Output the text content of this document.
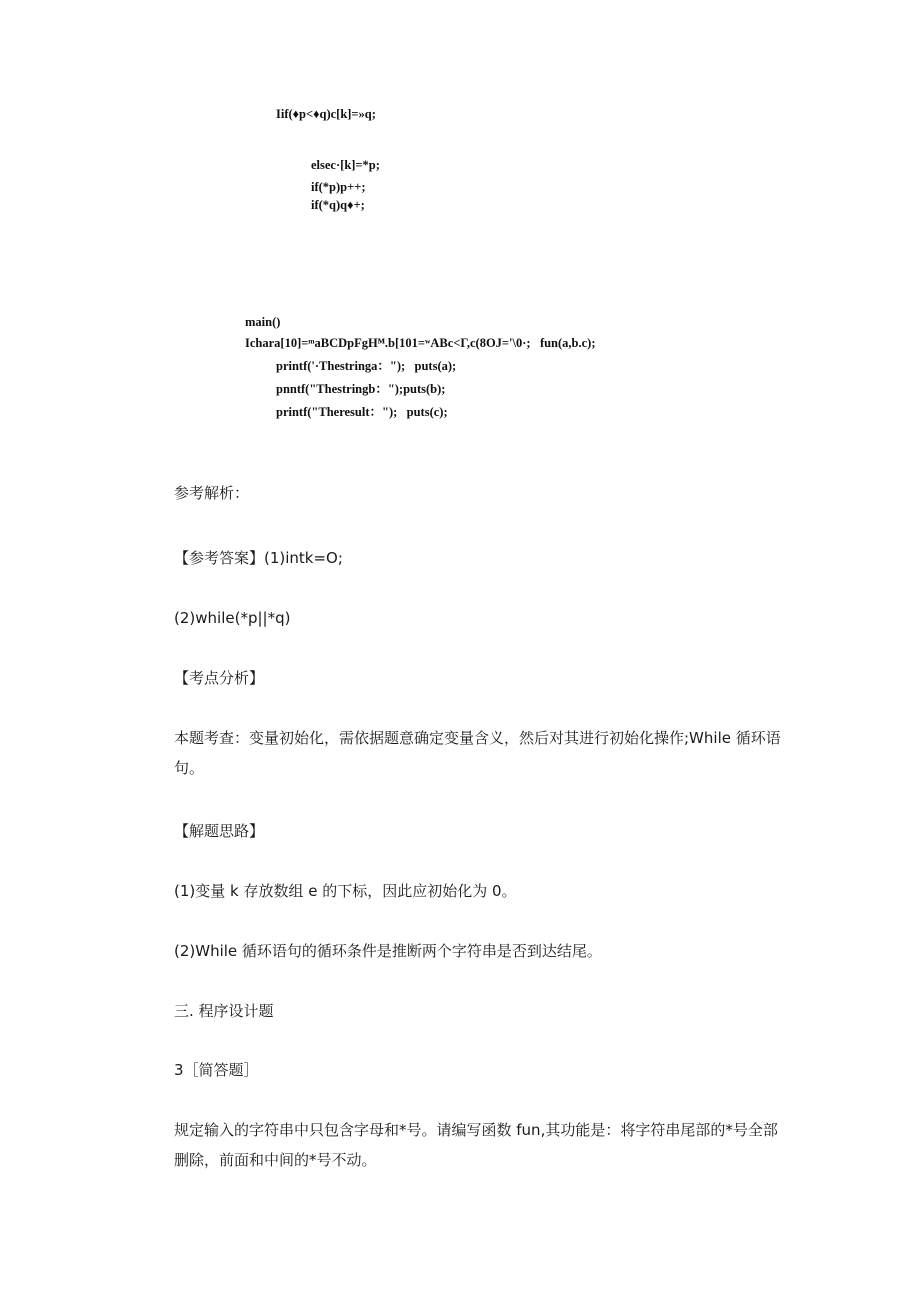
Iif(♦p<♦q)c[k]=»q;
elsec·[k]=*p;
if(*p)p++;
if(*q)q♦+;
main()
Ichara[10]=ᵐaBCDpFgHᴹ.b[101=ʷABc<Γ,c(8OJ='\0·;   fun(a,b.c);
printf('·Thestringa：");   puts(a);
pnntf("Thestringb：");puts(b);
printf("Theresult：");   puts(c);
参考解析：
【参考答案】(1)intk=O;
(2)while(*p||*q)
【考点分析】
本题考查：变量初始化，需依据题意确定变量含义，然后对其进行初始化操作;While 循环语句。
【解题思路】
(1)变量 k 存放数组 e 的下标，因此应初始化为 0。
(2)While 循环语句的循环条件是推断两个字符串是否到达结尾。
三. 程序设计题
3［简答题］
规定输入的字符串中只包含字母和*号。请编写函数 fun,其功能是：将字符串尾部的*号全部删除，前面和中间的*号不动。
